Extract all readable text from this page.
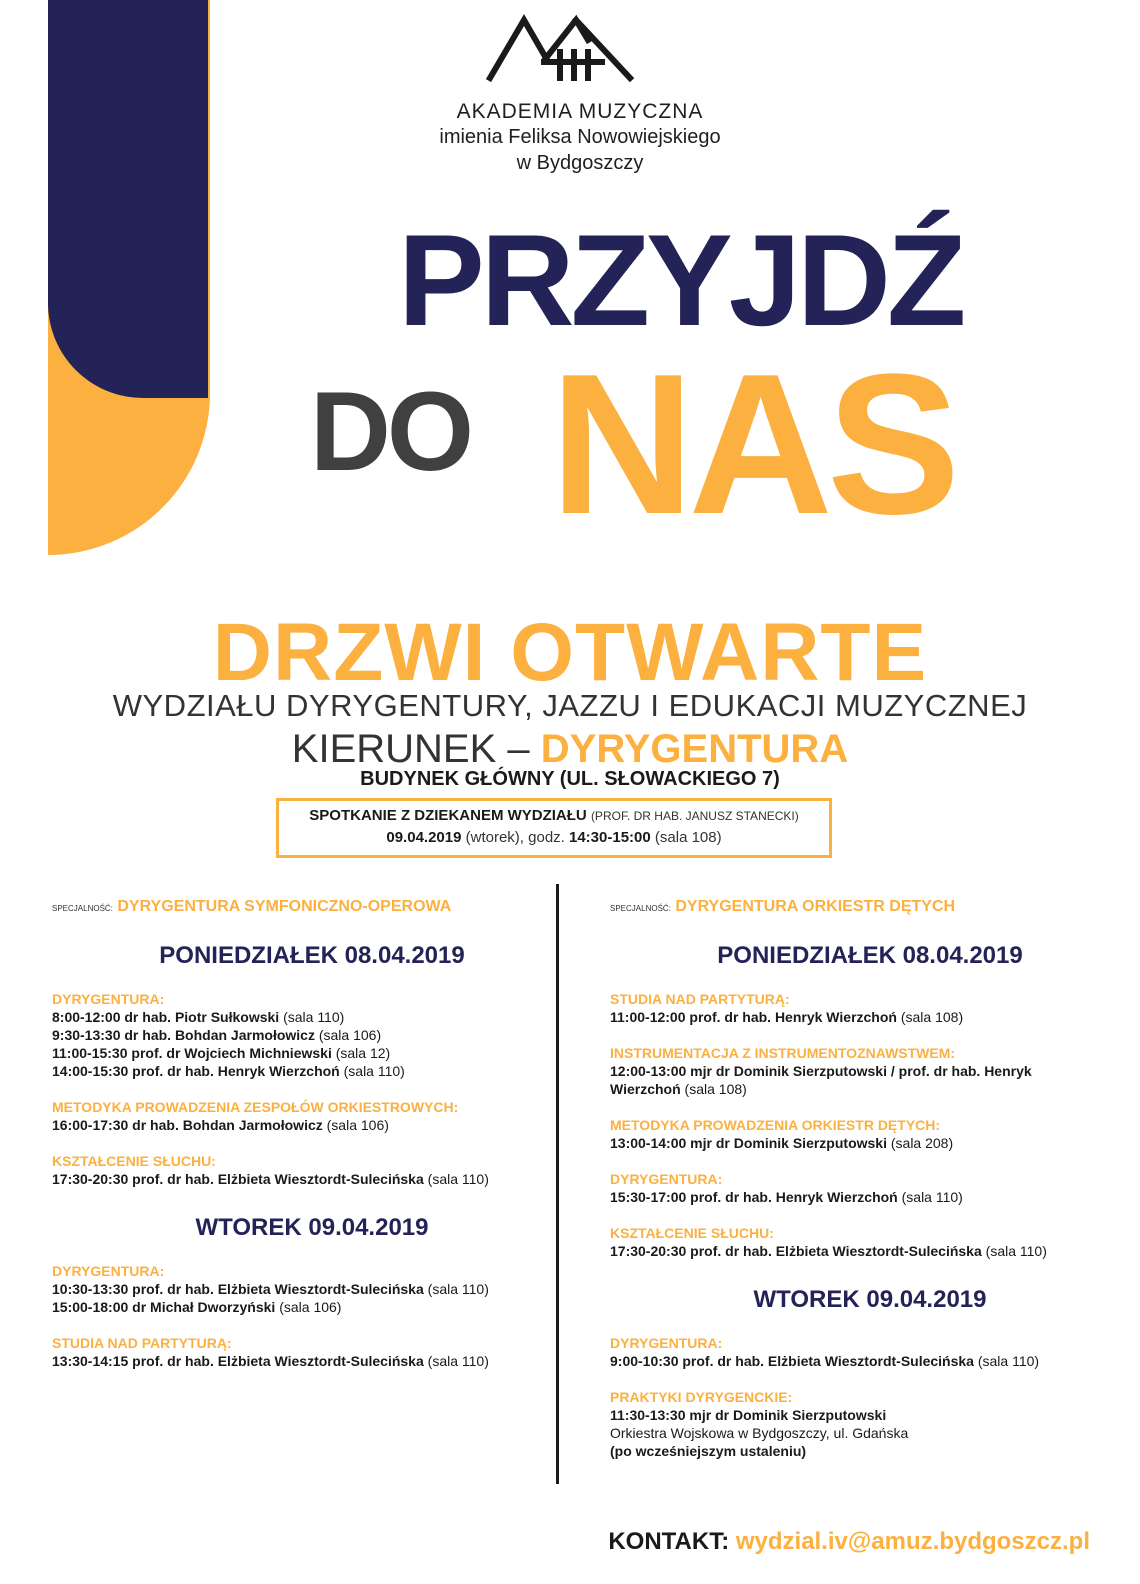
AKADEMIA MUZYCZNA
imienia Feliksa Nowowiejskiego
w Bydgoszczy
PRZYJDŹ
DO NAS
DRZWI OTWARTE
WYDZIAŁU DYRYGENTURY, JAZZU I EDUKACJI MUZYCZNEJ
KIERUNEK – DYRYGENTURA
BUDYNEK GŁÓWNY (UL. SŁOWACKIEGO 7)
SPOTKANIE Z DZIEKANEM WYDZIAŁU (PROF. DR HAB. JANUSZ STANECKI)
09.04.2019 (wtorek), godz. 14:30-15:00 (sala 108)
SPECJALNOŚĆ: DYRYGENTURA SYMFONICZNO-OPEROWA
PONIEDZIAŁEK 08.04.2019
DYRYGENTURA:
8:00-12:00 dr hab. Piotr Sułkowski (sala 110)
9:30-13:30 dr hab. Bohdan Jarmołowicz (sala 106)
11:00-15:30 prof. dr Wojciech Michniewski (sala 12)
14:00-15:30 prof. dr hab. Henryk Wierzchoń (sala 110)
METODYKA PROWADZENIA ZESPOŁÓW ORKIESTROWYCH:
16:00-17:30 dr hab. Bohdan Jarmołowicz (sala 106)
KSZTAŁCENIE SŁUCHU:
17:30-20:30 prof. dr hab. Elżbieta Wiesztordt-Sulecińska (sala 110)
WTOREK 09.04.2019
DYRYGENTURA:
10:30-13:30 prof. dr hab. Elżbieta Wiesztordt-Sulecińska (sala 110)
15:00-18:00 dr Michał Dworzyński (sala 106)
STUDIA NAD PARTYTURĄ:
13:30-14:15 prof. dr hab. Elżbieta Wiesztordt-Sulecińska (sala 110)
SPECJALNOŚĆ: DYRYGENTURA ORKIESTR DĘTYCH
PONIEDZIAŁEK 08.04.2019
STUDIA NAD PARTYTURĄ:
11:00-12:00 prof. dr hab. Henryk Wierzchoń (sala 108)
INSTRUMENTACJA Z INSTRUMENTOZNAWSTWEM:
12:00-13:00 mjr dr Dominik Sierzputowski / prof. dr hab. Henryk
Wierzchoń (sala 108)
METODYKA PROWADZENIA ORKIESTR DĘTYCH:
13:00-14:00 mjr dr Dominik Sierzputowski (sala 208)
DYRYGENTURA:
15:30-17:00 prof. dr hab. Henryk Wierzchoń (sala 110)
KSZTAŁCENIE SŁUCHU:
17:30-20:30 prof. dr hab. Elżbieta Wiesztordt-Sulecińska (sala 110)
WTOREK 09.04.2019
DYRYGENTURA:
9:00-10:30 prof. dr hab. Elżbieta Wiesztordt-Sulecińska (sala 110)
PRAKTYKI DYRYGENCKIE:
11:30-13:30 mjr dr Dominik Sierzputowski
Orkiestra Wojskowa w Bydgoszczy, ul. Gdańska
(po wcześniejszym ustaleniu)
KONTAKT: wydzial.iv@amuz.bydgoszcz.pl
